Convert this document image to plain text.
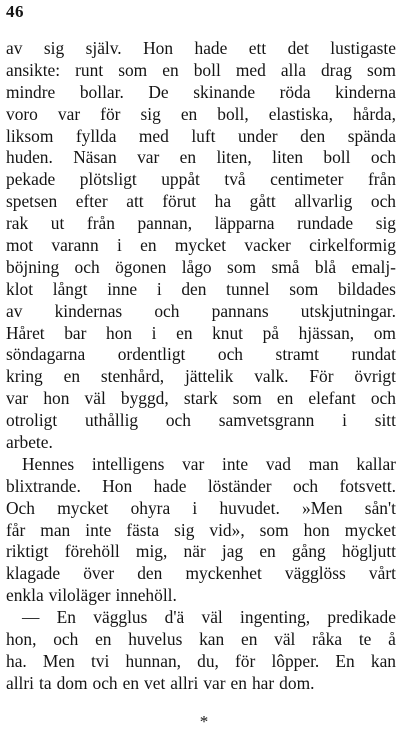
46
av sig själv. Hon hade ett det lustigaste
ansikte: runt som en boll med alla drag som
mindre bollar. De skinande röda kinderna
voro var för sig en boll, elastiska, hårda,
liksom fyllda med luft under den spända
huden. Näsan var en liten, liten boll och
pekade plötsligt uppåt två centimeter från
spetsen efter att förut ha gått allvarlig och
rak ut från pannan, läpparna rundade sig
mot varann i en mycket vacker cirkelformig
böjning och ögonen lågo som små blå emalj-
klot långt inne i den tunnel som bildades
av kindernas och pannans utskjutningar.
Håret bar hon i en knut på hjässan, om
söndagarna ordentligt och stramt rundat
kring en stenhård, jättelik valk. För övrigt
var hon väl byggd, stark som en elefant och
otroligt uthållig och samvetsgrann i sitt
arbete.
Hennes intelligens var inte vad man kallar
blixtrande. Hon hade löständer och fotsvett.
Och mycket ohyra i huvudet. »Men sån't
får man inte fästa sig vid», som hon mycket
riktigt förehöll mig, när jag en gång högljutt
klagade över den myckenhet vägglöss vårt
enkla viloläger innehöll.
— En vägglus d'ä väl ingenting, predikade
hon, och en huvelus kan en väl råka te å
ha. Men tvi hunnan, du, för lôpper. En kan
allri ta dom och en vet allri var en har dom.
*
